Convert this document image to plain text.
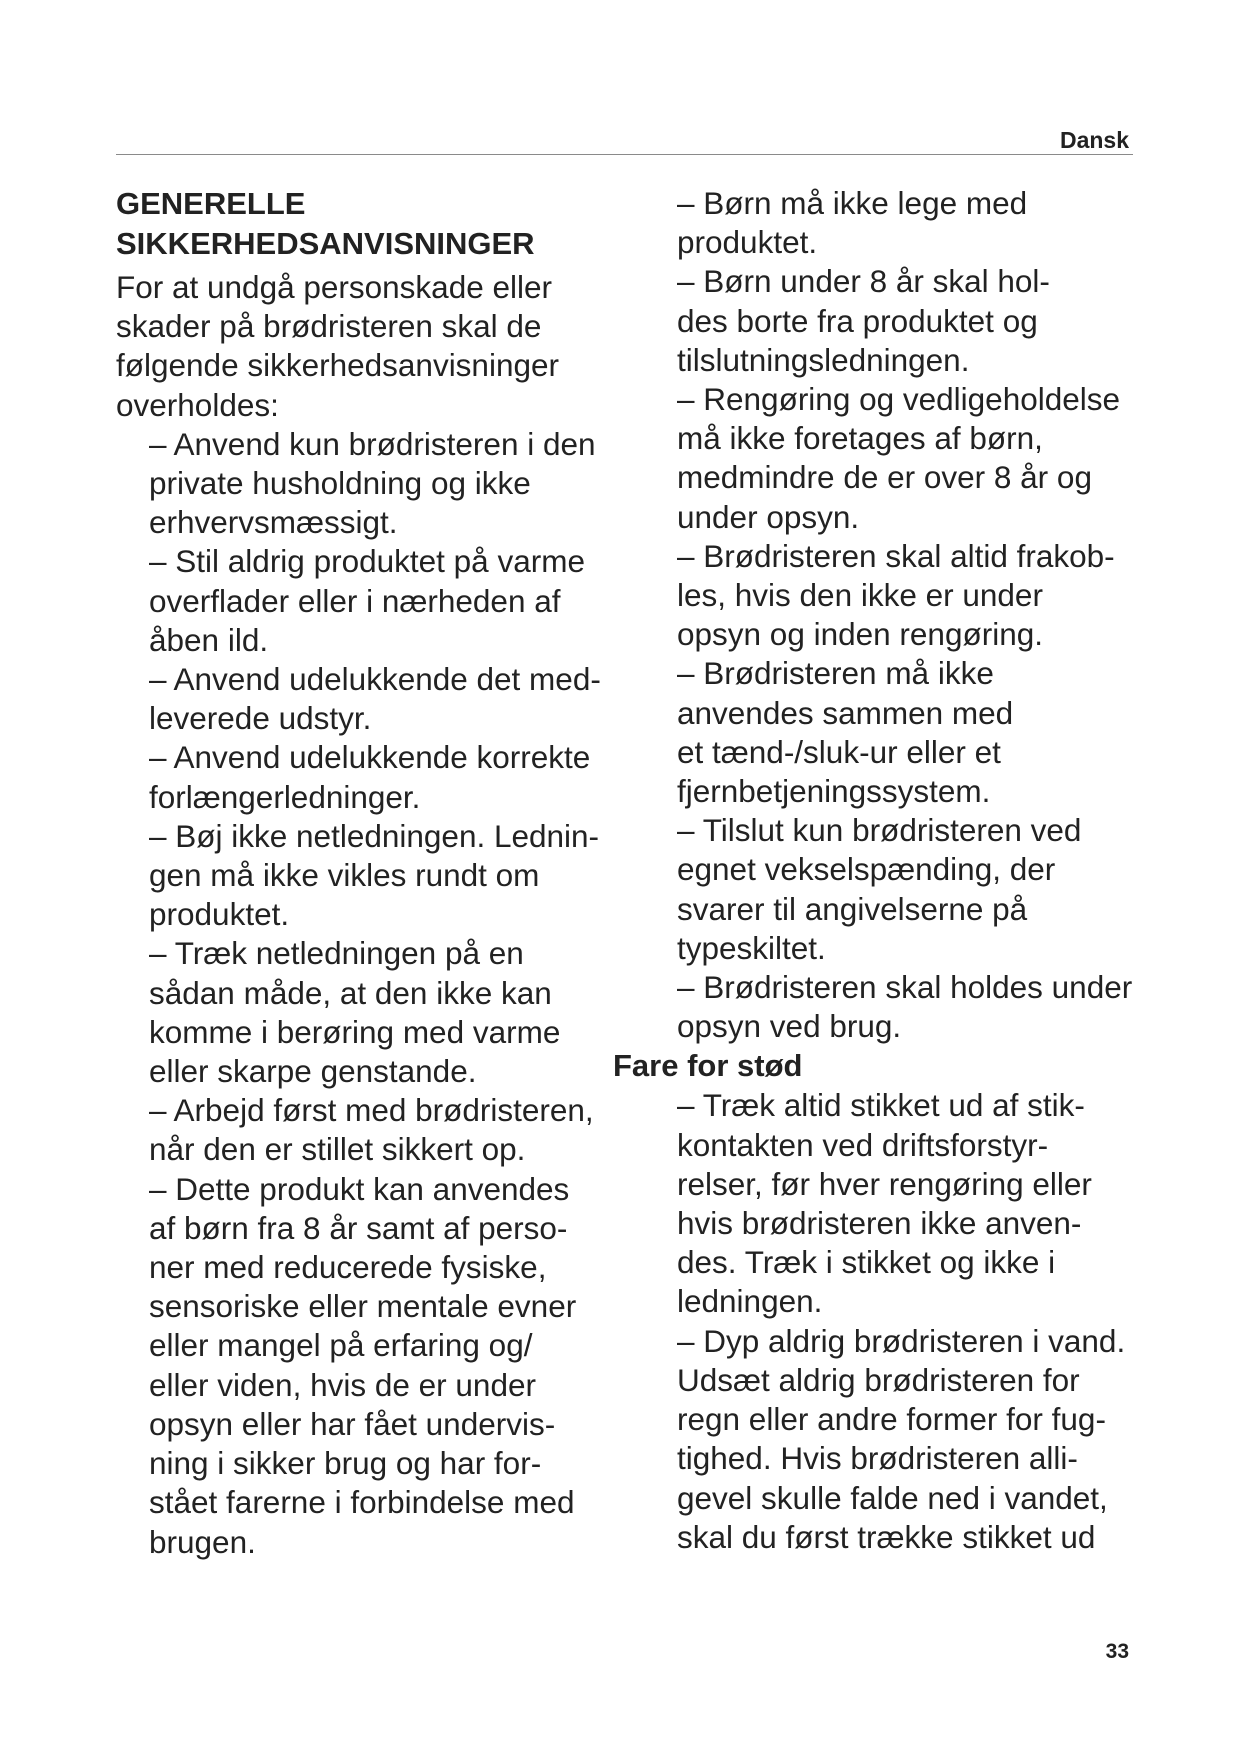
Dansk
GENERELLE
SIKKERHEDSANVISNINGER

For at undgå personskade eller
skader på brødristeren skal de
følgende sikkerhedsanvisninger
overholdes:

– Anvend kun brødristeren i den
private husholdning og ikke
erhvervsmæssigt.

– Stil aldrig produktet på varme
overflader eller i nærheden af
åben ild.

– Anvend udelukkende det med-
leverede udstyr.

– Anvend udelukkende korrekte
forlængerledninger.

– Bøj ikke netledningen. Lednin-
gen må ikke vikles rundt om
produktet.

– Træk netledningen på en
sådan måde, at den ikke kan
komme i berøring med varme
eller skarpe genstande.

– Arbejd først med brødristeren,
når den er stillet sikkert op.

– Dette produkt kan anvendes
af børn fra 8 år samt af perso-
ner med reducerede fysiske,
sensoriske eller mentale evner
eller mangel på erfaring og/
eller viden, hvis de er under
opsyn eller har fået undervis-
ning i sikker brug og har for-
stået farerne i forbindelse med
brugen.

– Børn må ikke lege med
produktet.

– Børn under 8 år skal hol-
des borte fra produktet og
tilslutningsledningen.

– Rengøring og vedligeholdelse
må ikke foretages af børn,
medmindre de er over 8 år og
under opsyn.

– Brødristeren skal altid frakob-
les, hvis den ikke er under
opsyn og inden rengøring.

– Brødristeren må ikke
anvendes sammen med
et tænd-/sluk-ur eller et
fjernbetjeningssystem.

– Tilslut kun brødristeren ved
egnet vekselspænding, der
svarer til angivelserne på
typeskiltet.

– Brødristeren skal holdes under
opsyn ved brug.

Fare for stød

– Træk altid stikket ud af stik-
kontakten ved driftsforstyr-
relser, før hver rengøring eller
hvis brødristeren ikke anven-
des. Træk i stikket og ikke i
ledningen.

– Dyp aldrig brødristeren i vand.
Udsæt aldrig brødristeren for
regn eller andre former for fug-
tighed. Hvis brødristeren alli-
gevel skulle falde ned i vandet,
skal du først trække stikket ud

33
